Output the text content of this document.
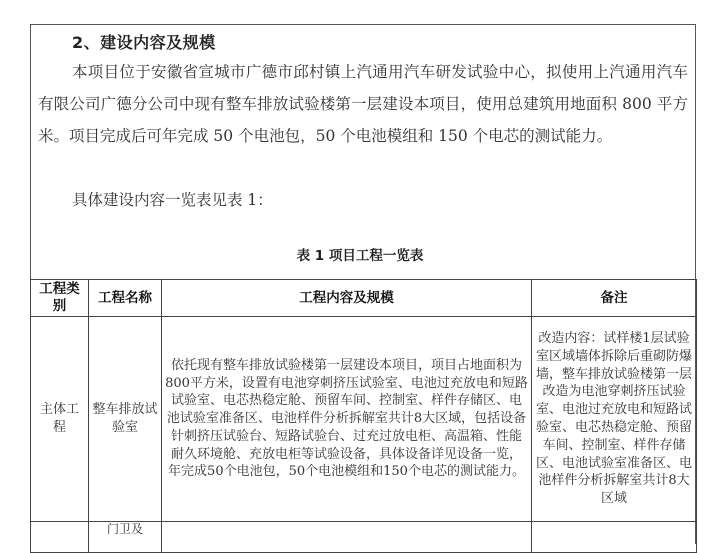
2、建设内容及规模
本项目位于安徽省宣城市广德市邱村镇上汽通用汽车研发试验中心，拟使用上汽通用汽车有限公司广德分公司中现有整车排放试验楼第一层建设本项目，使用总建筑用地面积 800 平方米。项目完成后可年完成 50 个电池包，50 个电池模组和 150 个电芯的测试能力。
具体建设内容一览表见表 1：
表 1 项目工程一览表
工程类别	工程名称	工程内容及规模	备注
主体工程	整车排放试验室	依托现有整车排放试验楼第一层建设本项目，项目占地面积为800平方米，设置有电池穿刺挤压试验室、电池过充放电和短路试验室、电芯热稳定舱、预留车间、控制室、样件存储区、电池试验室准备区、电池样件分析拆解室共计8大区域，包括设备针刺挤压试验台、短路试验台、过充过放电柜、高温箱、性能耐久环境舱、充放电柜等试验设备，具体设备详见设备一览，年完成50个电池包，50个电池模组和150个电芯的测试能力。	改造内容：试样楼1层试验室区域墙体拆除后重砌防爆墙，整车排放试验楼第一层改造为电池穿刺挤压试验室、电池过充放电和短路试验室、电芯热稳定舱、预留车间、控制室、样件存储区、电池试验室准备区、电池样件分析拆解室共计8大区域
	门卫及		
